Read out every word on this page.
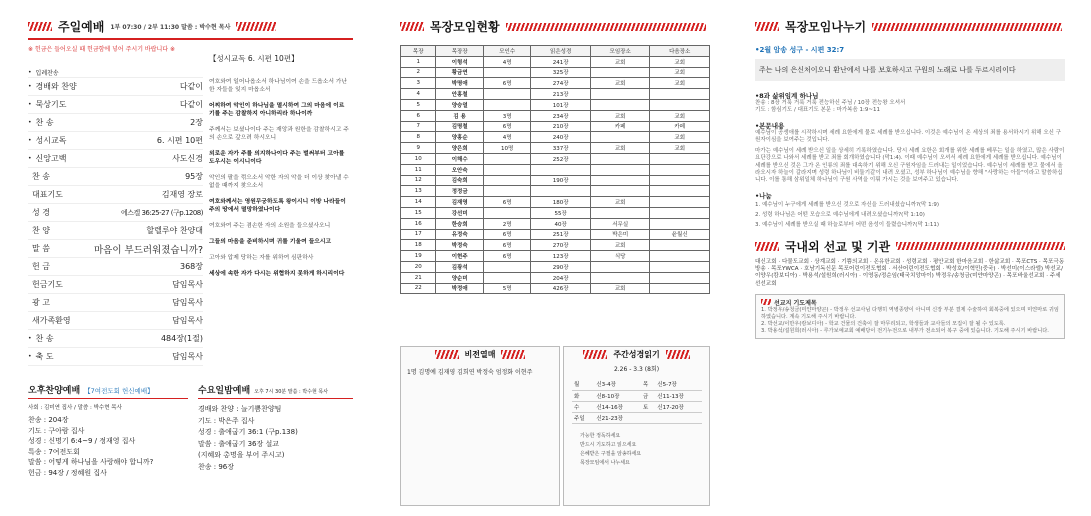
주일예배 1부 07:30 / 2부 11:30 말씀 : 박수현 목사
※ 헌금은 들어오실 때 헌금함에 넣어 주시기 바랍니다 ※
• 입례찬송
• 경배와 찬양	다같이
• 묵상기도	다같이
• 찬 송	2장
• 성시교독	6. 시편 10편
• 신앙고백	사도신경
찬 송	95장
대표기도	김재영 장로
성 경	에스겔 36:25-27 (구p.1208)
찬 양	할렐루야 찬양대
말 씀	마음이 부드러워졌습니까?
헌 금	368장
헌금기도	담임목사
광 고	담임목사
새가족환영	담임목사
• 찬 송	484장(1절)
• 축 도	담임목사
【성시교독 6. 시편 10편】
여호와여 일어나옵소서 하나님이여 손을 드옵소서 가난한 자들을 잊지 마옵소서
어찌하여 악인이 하나님을 멸시하여 그의 마음에 이르기를 주는 감찰하지 아니하리라 하나이까
주께서는 보셨나이다 주는 재앙과 원한을 감찰하시고 주의 손으로 갚으려 하시오니
외로운 자가 주를 의지하나이다 주는 벌써부터 고아를 도우시는 이시니이다
악인의 팔을 꺾으소서 악한 자의 악을 더 이상 찾아낼 수 없을 때까지 찾으소서
여호와께서는 영원무궁하도록 왕이시니 이방 나라들이 주의 땅에서 멸망하였나이다
여호와여 주는 겸손한 자의 소원을 들으셨사오니
그들의 마음을 준비하시며 귀를 기울여 들으시고
고아와 압제 당하는 자를 위하여 심판하사
세상에 속한 자가 다시는 위협하지 못하게 하시리이다
오후찬양예배 【7여전도회 헌신예배】
사회 : 김미연 집사 / 말씀 : 박수현 목사
찬송 : 204장
기도 : 구아람 집사
성경 : 신명기 6:4~9 / 정재영 집사
특송 : 7여전도회
말씀 : 어떻게 하나님을 사랑해야 합니까?
헌금 : 94장 / 정혜원 집사
수요일밤예배 오후 7시 30분 말씀 : 박수현 목사
경배와 찬양 : 늘기쁨찬양팀
기도 : 박은주 집사
성경 : 출애굽기 36:1 (구p.138)
말씀 : 출애굽기 36장 설교
(지혜와 총명을 부어 주시고)
찬송 : 96장
목장모임현황
목장	목장장	모인수	읽은성경	모임장소	다음장소
1	이형석	4명	241장	교회	교회
2	황금연		325장		교회
3	박명애	6명	274장	교회	교회
4	안홍철		213장		
5	양승열		101장		
6	김 용	3명	234장	교회	교회
7	김명철	6명	210장	카페	카페
8	양홍순	4명	240장		교회
9	양은희	10명	337장	교회	교회
10	이해수		252장		
11	오안숙				
12	김숙희		190장		
13	정정금				
14	김재영	6명	180장	교회	
15	강선미		55장		
16	한승희	2명	40장	서무실	
17	유정숙	6명	251장	박은미	윤월신
18	박정숙	6명	270장	교회	
19	이현주	6명	123장	식당	
20	김광석		290장		
21	양순미		204장		
22	박정애	5명	426장	교회	
비전열매
1명 김명예 김재영 김희연 박정숙 엄정화 이현주
주간성경읽기
2.26 - 3.3 (8회)
월	신3-4장	목	신5-7장
화	신8-10장	금	신11-13장
수	신14-16장	토	신17-20장
주일	신21-23장		
가능한 정독하세요
반드시 기도하고 읽으세요
은혜받은 구절을 암송하세요
목장모임에서 나누세요
목장모임나누기
•2월 암송 성구 - 시편 32:7
주는 나의 은신처이오니 환난에서 나를 보호하시고 구원의 노래로 나를 두르시리이다
•8과 삶위임계 하나님
찬송 : 8장 거룩 거룩 거룩 전능하신 주님 / 10장 전능왕 오셔서
기도 : 함심기도 / 대표기도 본문 : 마가복음 1:9~11
•본문내용
예수님이 공생애를 시작하시며 세례 요한에게 물로 세례를 받으십니다. 이것은 예수님이 온 세상의 죄를 용서하시기 위해 오신 구원자이심을 보여주는 것입니다.
마가는 예수님이 세례 받으신 일을 상세히 기록하였습니다. 당시 세례 요한은 회개를 위한 세례를 베푸는 일을 하였고, 많은 사람이 요단강으로 나와서 세례를 받고 죄를 회개하였습니다 (막1:4). 이때 예수님이 오셔서 세례 요한에게 세례를 받으십니다. 예수님이 세례를 받으신 것은 그가 온 인류의 죄를 대속하기 위해 오신 구원자임을 드러내는 일이었습니다. 예수님이 세례를 받고 물에서 올라오시자 하늘이 갈라지며 성령 하나님이 비둘기같이 내려 오셨고, 성부 하나님이 예수님을 향해 "사랑하는 아들"이라고 말씀하십니다. 이를 통해 삼위일체 하나님이 구원 사역을 이뤄 가시는 것을 보여주고 있습니다.
•나눔
1. 예수님이 누구에게 세례를 받으신 것으로 자신을 드러내셨습니까?(막 1:9)
2. 성령 하나님은 어떤 모습으로 예수님에게 내려오셨습니까?(막 1:10)
3. 예수님이 세례를 받으실 때 하늘로부터 어떤 음성이 들렸습니까?(막 1:11)
국내외 선교 및 기관
대신고회 · 다물도교회 · 상계교회 · 기쁨의교회 · 온유한교회 · 성령교회 · 평안교회 한마음교회 · 한삶교회 · 목포CTS · 목포극동방송 · 목포YWCA · 호남기독신문 목포어린이전도협회 · 서산어린이전도협회 · 박성호/이혁민(중국) · 박선미(이스라엘) 박선교/이양우(캄보디아) · 박용석/설원희(러시아) · 이영동/정순임(태국치앙마이) 박정우/송청금(미얀마양곤) · 목포바울선교회 · 주세선선교회
선교지 기도제목
1. 박정우/송청금(미얀마양곤) - 박정우 선교사님 다행히 역병종양이 아니며 신장 부분 결제 수술하여 회복중에 있으며 미얀마로 귀임하였습니다. 계속 기도해 주시기 바랍니다.
2. 박선교/이만우(캄보디아) - 학교 건물의 건축이 잘 마무리되고, 학생들과 교사들의 모집이 잘 될 수 있도록.
3. 박용석/설원희(러시아) - 루가보예교회 예배당이 전기누전으로 내부가 전소되어 복구 중에 있습니다. 기도해 주시기 바랍니다.
